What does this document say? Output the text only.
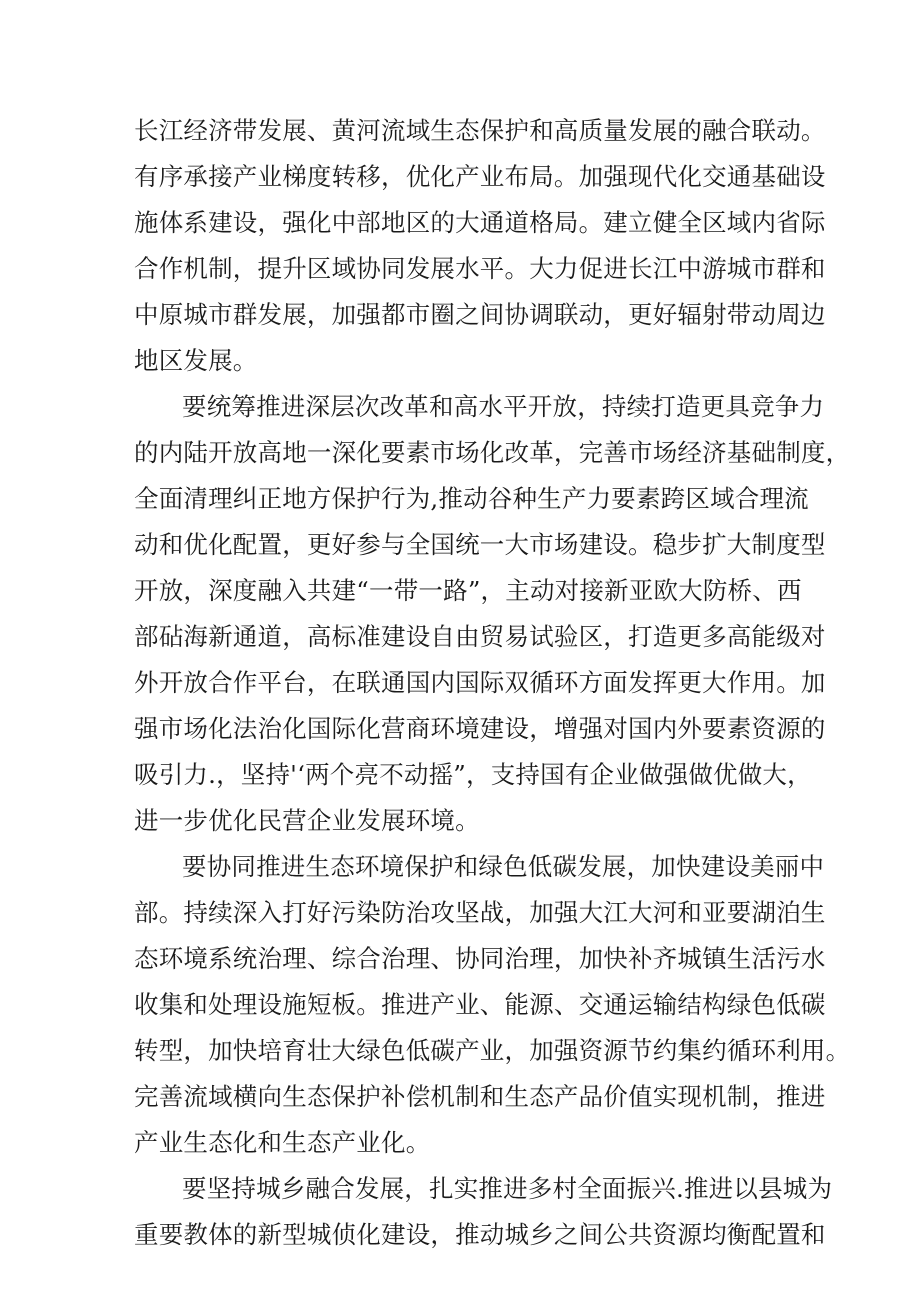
长江经济带发展、黄河流域生态保护和高质量发展的融合联动。
有序承接产业梯度转移，优化产业布局。加强现代化交通基础设
施体系建设，强化中部地区的大通道格局。建立健全区域内省际
合作机制，提升区域协同发展水平。大力促进长江中游城市群和
中原城市群发展，加强都市圈之间协调联动，更好辐射带动周边
地区发展。
要统筹推进深层次改革和高水平开放，持续打造更具竞争力
的内陆开放高地一深化要素市场化改革，完善市场经济基础制度，
全面清理纠正地方保护行为,推动谷种生产力要素跨区域合理流
动和优化配置，更好参与全国统一大市场建设。稳步扩大制度型
开放，深度融入共建“一带一路”，主动对接新亚欧大防桥、西
部砧海新通道，高标准建设自由贸易试验区，打造更多高能级对
外开放合作平台，在联通国内国际双循环方面发挥更大作用。加
强市场化法治化国际化营商环境建设，增强对国内外要素资源的
吸引力.，坚持'‘两个亮不动摇”，支持国有企业做强做优做大，
进一步优化民营企业发展环境。
要协同推进生态环境保护和绿色低碳发展，加快建设美丽中
部。持续深入打好污染防治攻坚战，加强大江大河和亚要湖泊生
态环境系统治理、综合治理、协同治理，加快补齐城镇生活污水
收集和处理设施短板。推进产业、能源、交通运输结构绿色低碳
转型，加快培育壮大绿色低碳产业，加强资源节约集约循环利用。
完善流域横向生态保护补偿机制和生态产品价值实现机制，推进
产业生态化和生态产业化。
要坚持城乡融合发展，扎实推进多村全面振兴.推进以县城为
重要教体的新型城侦化建设，推动城乡之间公共资源均衡配置和
